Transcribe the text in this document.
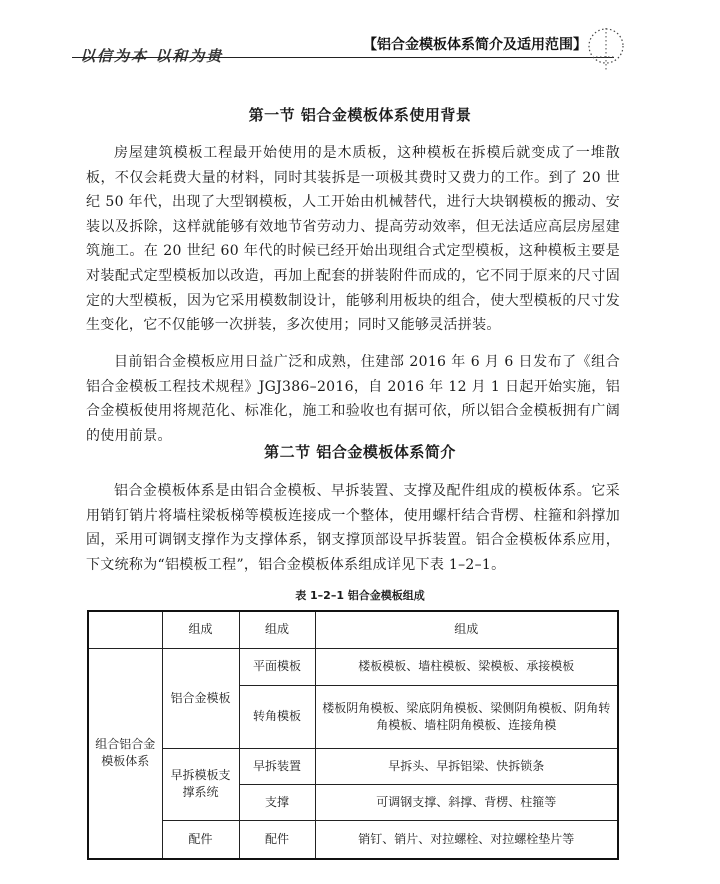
以信为本 以和为贵
【铝合金模板体系简介及适用范围】
第一节 铝合金模板体系使用背景

房屋建筑模板工程最开始使用的是木质板，这种模板在拆模后就变成了一堆散板，不仅会耗费大量的材料，同时其装拆是一项极其费时又费力的工作。到了 20 世纪 50 年代，出现了大型钢模板，人工开始由机械替代，进行大块钢模板的搬动、安装以及拆除，这样就能够有效地节省劳动力、提高劳动效率，但无法适应高层房屋建筑施工。在 20 世纪 60 年代的时候已经开始出现组合式定型模板，这种模板主要是对装配式定型模板加以改造，再加上配套的拼装附件而成的，它不同于原来的尺寸固定的大型模板，因为它采用模数制设计，能够利用板块的组合，使大型模板的尺寸发生变化，它不仅能够一次拼装，多次使用；同时又能够灵活拼装。

目前铝合金模板应用日益广泛和成熟，住建部 2016 年 6 月 6 日发布了《组合铝合金模板工程技术规程》JGJ386–2016，自 2016 年 12 月 1 日起开始实施，铝合金模板使用将规范化、标准化，施工和验收也有据可依，所以铝合金模板拥有广阔的使用前景。

第二节 铝合金模板体系简介

铝合金模板体系是由铝合金模板、早拆装置、支撑及配件组成的模板体系。它采用销钉销片将墙柱梁板梯等模板连接成一个整体，使用螺杆结合背楞、柱箍和斜撑加固，采用可调钢支撑作为支撑体系，钢支撑顶部设早拆装置。铝合金模板体系应用，下文统称为“铝模板工程”，铝合金模板体系组成详见下表 1–2–1。

表 1–2–1 铝合金模板组成
	组成	组成	组成
组合铝合金模板体系	铝合金模板	平面模板	楼板模板、墙柱模板、梁模板、承接模板
		转角模板	楼板阴角模板、梁底阴角模板、梁侧阴角模板、阴角转角模板、墙柱阴角模板、连接角模
	早拆模板支撑系统	早拆装置	早拆头、早拆铝梁、快拆锁条
		支撑	可调钢支撑、斜撑、背楞、柱箍等
	配件	配件	销钉、销片、对拉螺栓、对拉螺栓垫片等
